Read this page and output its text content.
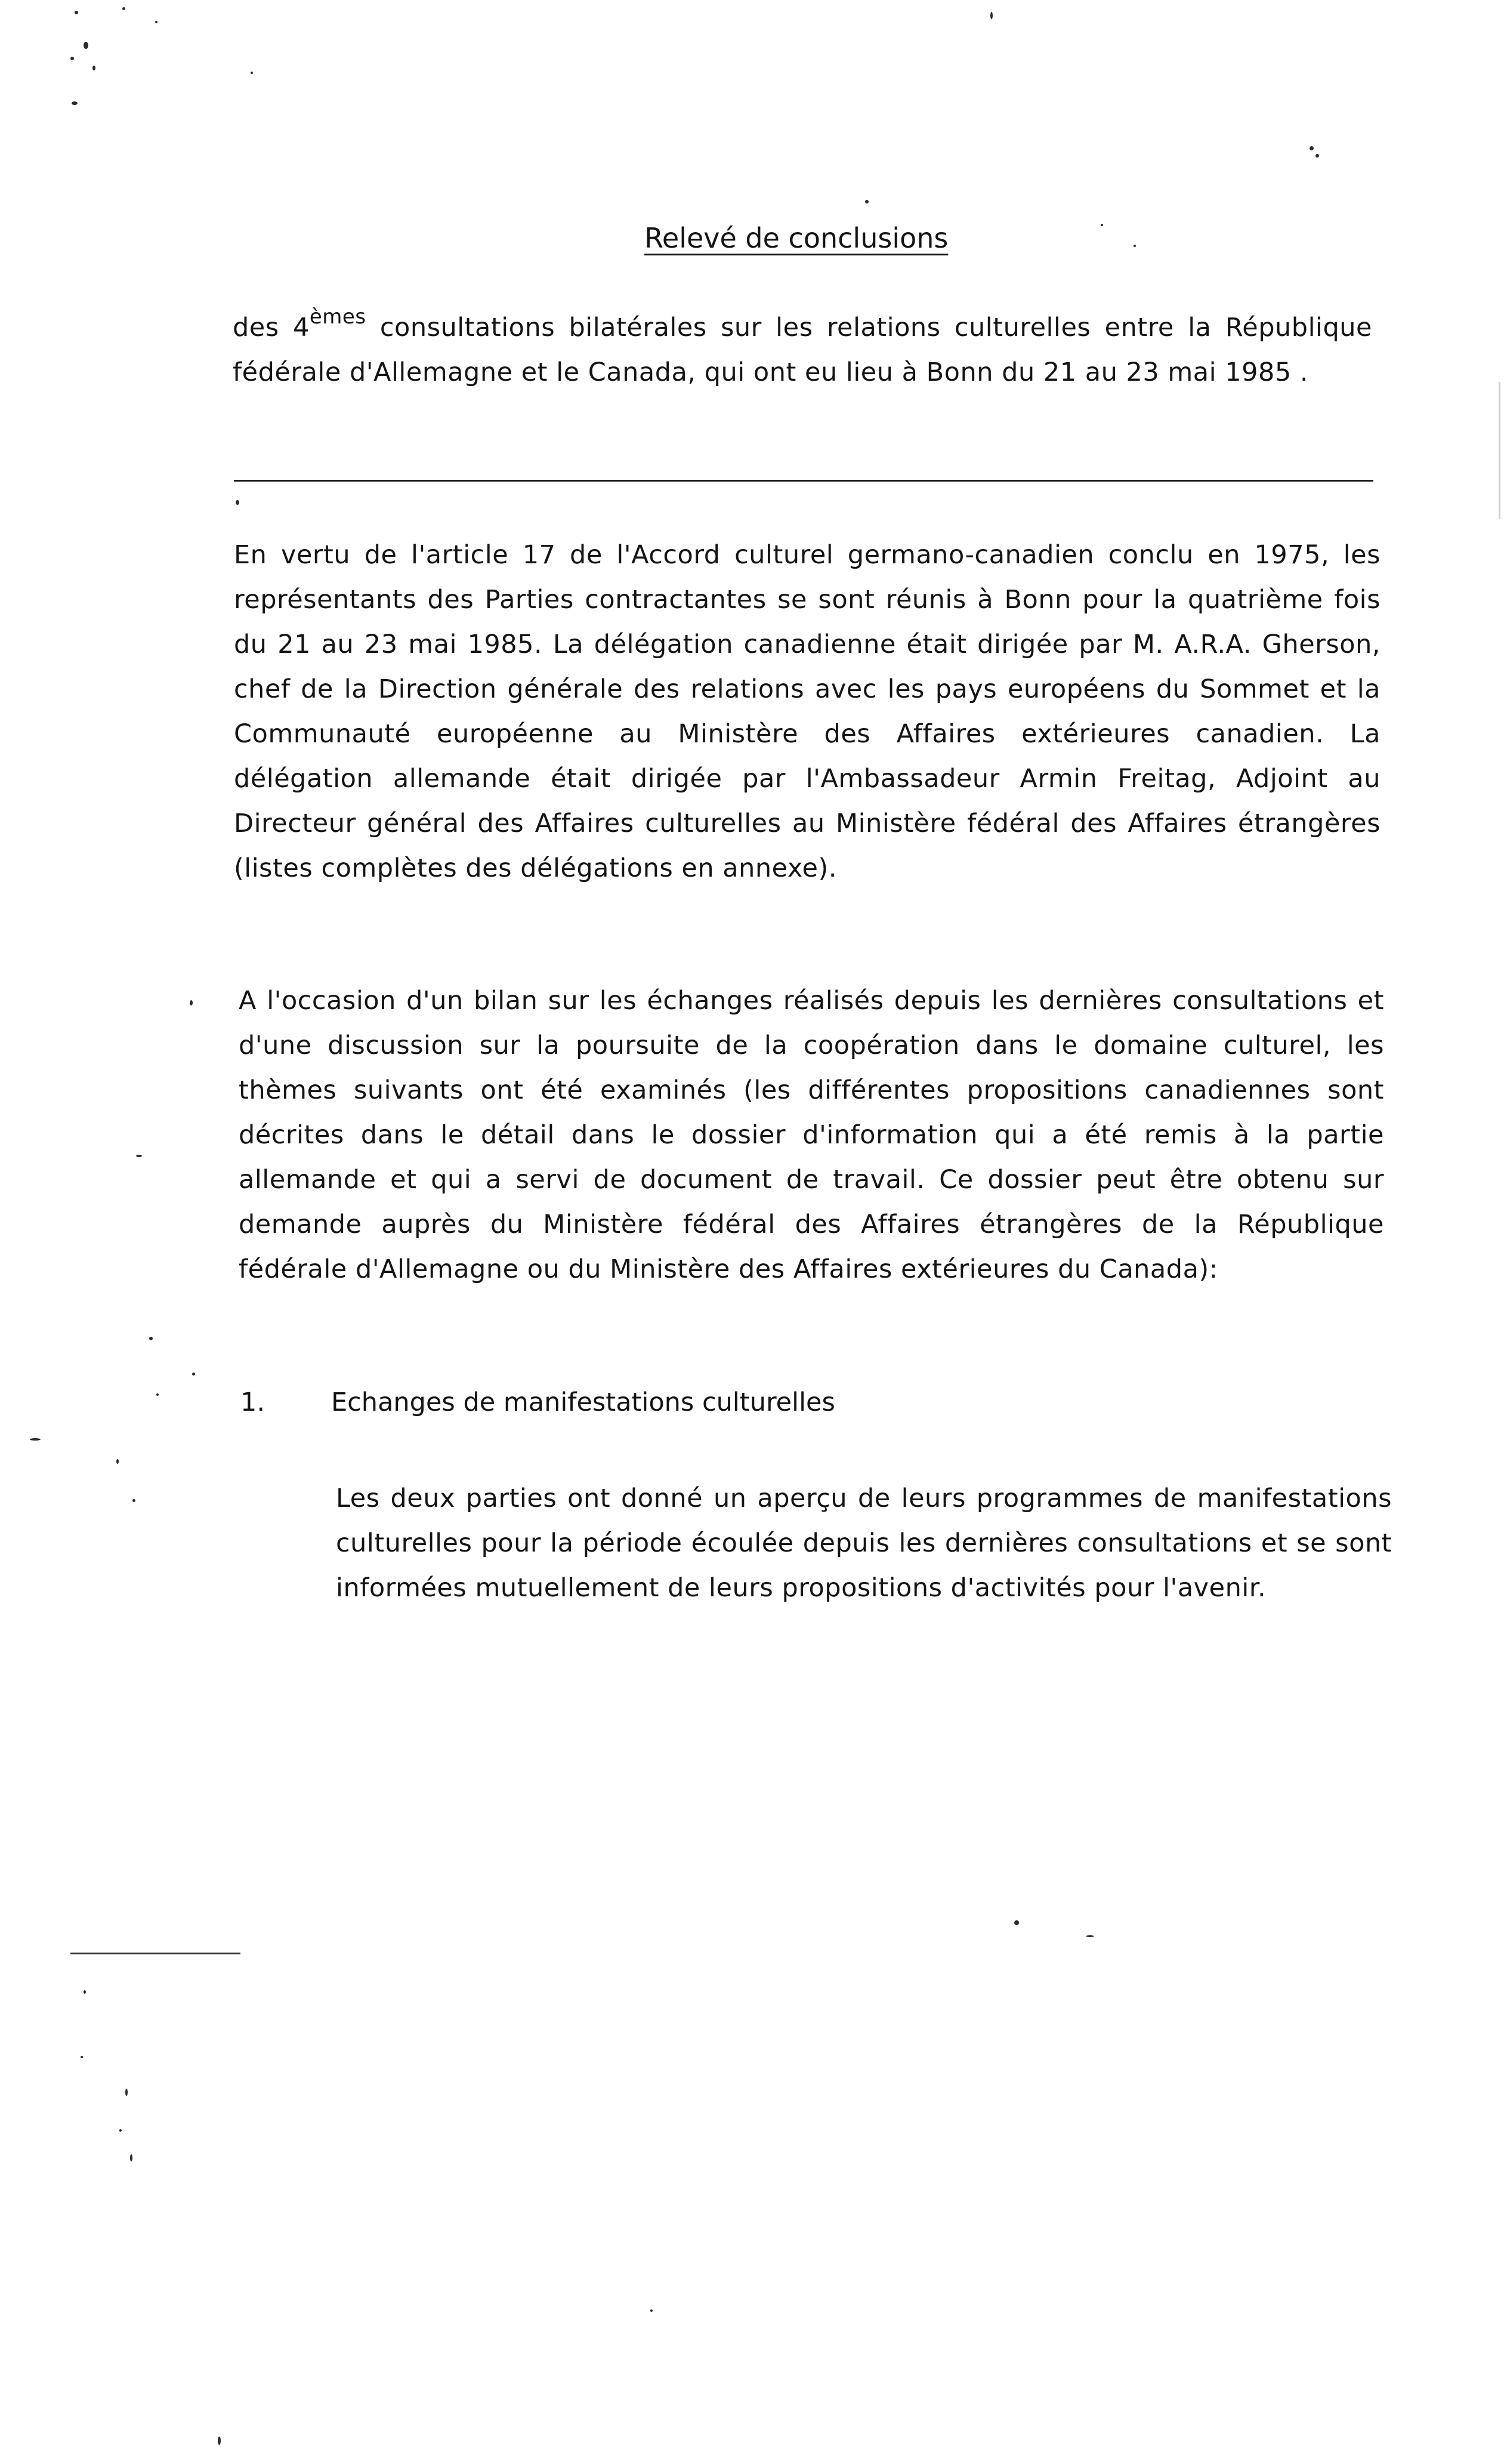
Relevé de conclusions

des 4èmes consultations bilatérales sur les relations culturelles entre la République fédérale d'Allemagne et le Canada, qui ont eu lieu à Bonn du 21 au 23 mai 1985 .

En vertu de l'article 17 de l'Accord culturel germano-canadien conclu en 1975, les représentants des Parties contractantes se sont réunis à Bonn pour la quatrième fois du 21 au 23 mai 1985. La délégation canadienne était dirigée par M. A.R.A. Gherson, chef de la Direction générale des relations avec les pays européens du Sommet et la Communauté européenne au Ministère des Affaires extérieures canadien. La délégation allemande était dirigée par l'Ambassadeur Armin Freitag, Adjoint au Directeur général des Affaires culturelles au Ministère fédéral des Affaires étrangères (listes complètes des délégations en annexe).

A l'occasion d'un bilan sur les échanges réalisés depuis les dernières consultations et d'une discussion sur la poursuite de la coopération dans le domaine culturel, les thèmes suivants ont été examinés (les différentes propositions canadiennes sont décrites dans le détail dans le dossier d'information qui a été remis à la partie allemande et qui a servi de document de travail. Ce dossier peut être obtenu sur demande auprès du Ministère fédéral des Affaires étrangères de la République fédérale d'Allemagne ou du Ministère des Affaires extérieures du Canada):

1.	Echanges de manifestations culturelles

Les deux parties ont donné un aperçu de leurs programmes de manifestations culturelles pour la période écoulée depuis les dernières consultations et se sont informées mutuellement de leurs propositions d'activités pour l'avenir.
